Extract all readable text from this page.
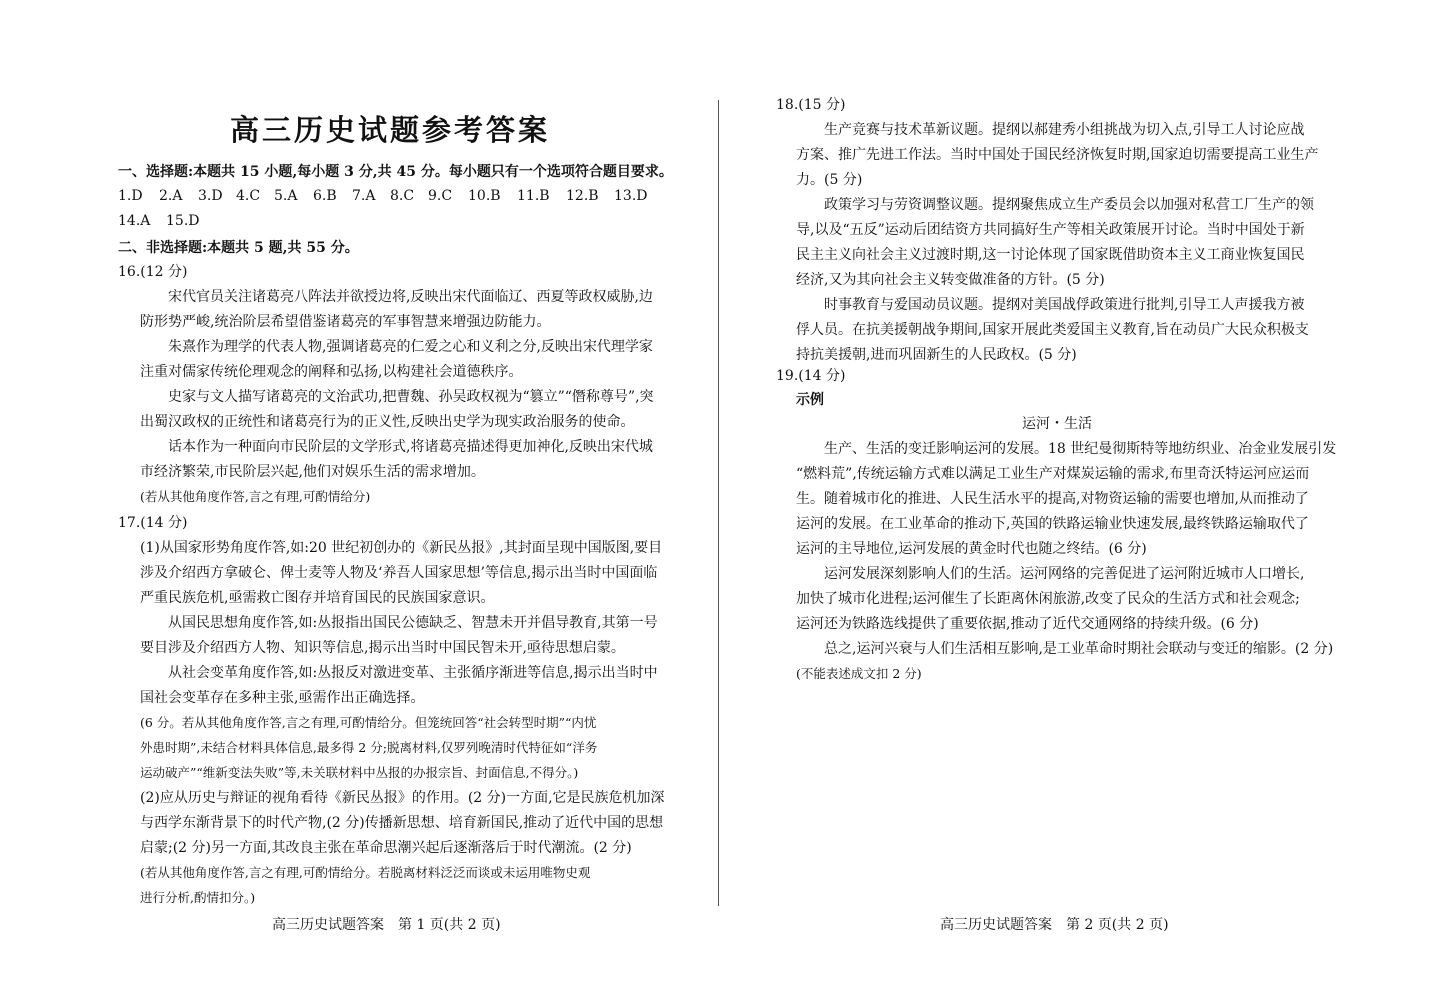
高三历史试题参考答案
一、选择题:本题共 15 小题,每小题 3 分,共 45 分。每小题只有一个选项符合题目要求。
1.D 2.A 3.D 4.C 5.A 6.B 7.A 8.C 9.C 10.B 11.B 12.B 13.D
14.A 15.D
二、非选择题:本题共 5 题,共 55 分。
16.(12 分)
宋代官员关注诸葛亮八阵法并欲授边将,反映出宋代面临辽、西夏等政权威胁,边
防形势严峻,统治阶层希望借鉴诸葛亮的军事智慧来增强边防能力。
朱熹作为理学的代表人物,强调诸葛亮的仁爱之心和义利之分,反映出宋代理学家
注重对儒家传统伦理观念的阐释和弘扬,以构建社会道德秩序。
史家与文人描写诸葛亮的文治武功,把曹魏、孙吴政权视为“篡立”“僭称尊号”,突
出蜀汉政权的正统性和诸葛亮行为的正义性,反映出史学为现实政治服务的使命。
话本作为一种面向市民阶层的文学形式,将诸葛亮描述得更加神化,反映出宋代城
市经济繁荣,市民阶层兴起,他们对娱乐生活的需求增加。
(若从其他角度作答,言之有理,可酌情给分)
17.(14 分)
(1)从国家形势角度作答,如:20 世纪初创办的《新民丛报》,其封面呈现中国版图,要目
涉及介绍西方拿破仑、俾士麦等人物及‘养吾人国家思想’等信息,揭示出当时中国面临
严重民族危机,亟需救亡图存并培育国民的民族国家意识。
从国民思想角度作答,如:丛报指出国民公德缺乏、智慧未开并倡导教育,其第一号
要目涉及介绍西方人物、知识等信息,揭示出当时中国民智未开,亟待思想启蒙。
从社会变革角度作答,如:丛报反对激进变革、主张循序渐进等信息,揭示出当时中
国社会变革存在多种主张,亟需作出正确选择。
(6 分。若从其他角度作答,言之有理,可酌情给分。但笼统回答“社会转型时期”“内忧
外患时期”,未结合材料具体信息,最多得 2 分;脱离材料,仅罗列晚清时代特征如“洋务
运动破产”“维新变法失败”等,未关联材料中丛报的办报宗旨、封面信息,不得分。)
(2)应从历史与辩证的视角看待《新民丛报》的作用。(2 分)一方面,它是民族危机加深
与西学东渐背景下的时代产物,(2 分)传播新思想、培育新国民,推动了近代中国的思想
启蒙;(2 分)另一方面,其改良主张在革命思潮兴起后逐渐落后于时代潮流。(2 分)
(若从其他角度作答,言之有理,可酌情给分。若脱离材料泛泛而谈或未运用唯物史观
进行分析,酌情扣分。)
高三历史试题答案　第 1 页(共 2 页)
18.(15 分)
生产竞赛与技术革新议题。提纲以郝建秀小组挑战为切入点,引导工人讨论应战
方案、推广先进工作法。当时中国处于国民经济恢复时期,国家迫切需要提高工业生产
力。(5 分)
政策学习与劳资调整议题。提纲聚焦成立生产委员会以加强对私营工厂生产的领
导,以及“五反”运动后团结资方共同搞好生产等相关政策展开讨论。当时中国处于新
民主主义向社会主义过渡时期,这一讨论体现了国家既借助资本主义工商业恢复国民
经济,又为其向社会主义转变做准备的方针。(5 分)
时事教育与爱国动员议题。提纲对美国战俘政策进行批判,引导工人声援我方被
俘人员。在抗美援朝战争期间,国家开展此类爱国主义教育,旨在动员广大民众积极支
持抗美援朝,进而巩固新生的人民政权。(5 分)
19.(14 分)
示例
运河・生活
生产、生活的变迁影响运河的发展。18 世纪曼彻斯特等地纺织业、冶金业发展引发
“燃料荒”,传统运输方式难以满足工业生产对煤炭运输的需求,布里奇沃特运河应运而
生。随着城市化的推进、人民生活水平的提高,对物资运输的需要也增加,从而推动了
运河的发展。在工业革命的推动下,英国的铁路运输业快速发展,最终铁路运输取代了
运河的主导地位,运河发展的黄金时代也随之终结。(6 分)
运河发展深刻影响人们的生活。运河网络的完善促进了运河附近城市人口增长,
加快了城市化进程;运河催生了长距离休闲旅游,改变了民众的生活方式和社会观念;
运河还为铁路选线提供了重要依据,推动了近代交通网络的持续升级。(6 分)
总之,运河兴衰与人们生活相互影响,是工业革命时期社会联动与变迁的缩影。(2 分)
(不能表述成文扣 2 分)
高三历史试题答案　第 2 页(共 2 页)
